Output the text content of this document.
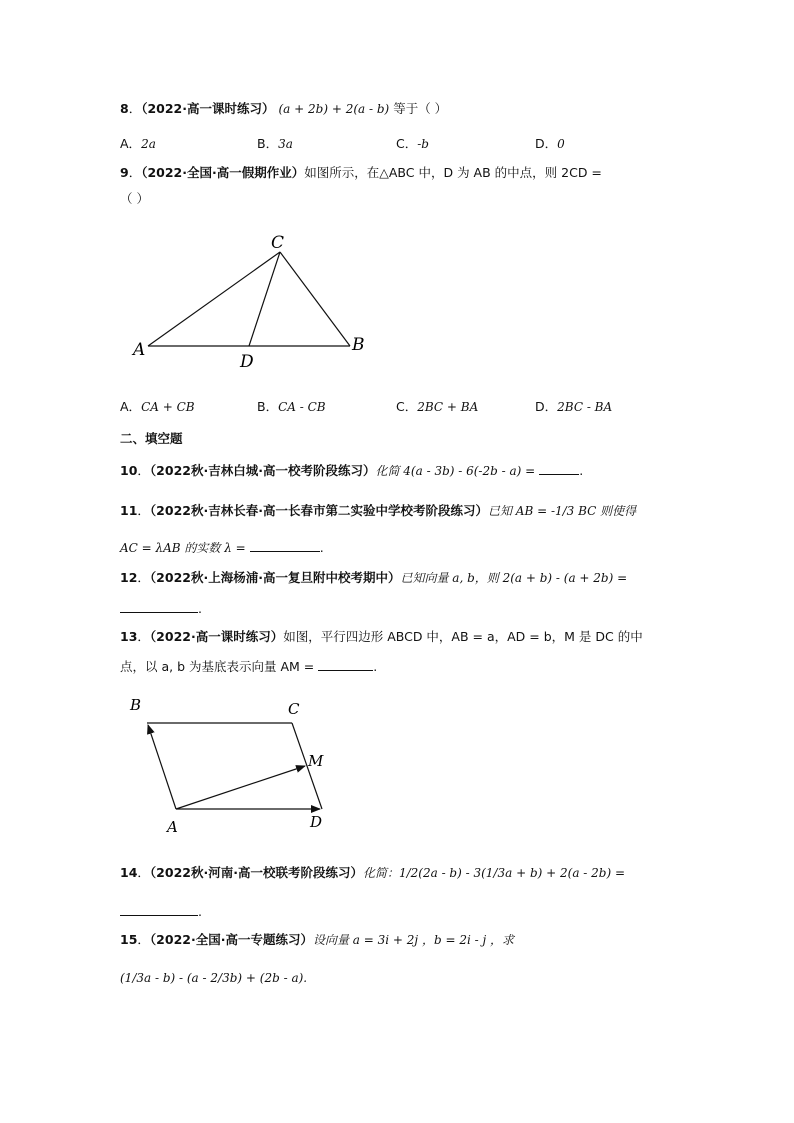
8．（2022·高一课时练习） (a + 2b) + 2(a - b) 等于（ ）
A．2a	B．3a	C．-b	D．0
9．（2022·全国·高一假期作业）如图所示，在△ABC 中，D 为 AB 的中点，则 2CD =
（ ）
C
A
D
B
A．CA + CB	B．CA - CB	C．2BC + BA	D．2BC - BA
二、填空题
10．（2022秋·吉林白城·高一校考阶段练习）化简 4(a - 3b) - 6(-2b - a) =	.
11．（2022秋·吉林长春·高一长春市第二实验中学校考阶段练习）已知 AB = -1/3 BC 则使得
AC = λAB 的实数 λ =	.
12．（2022秋·上海杨浦·高一复旦附中校考期中）已知向量 a, b，则 2(a + b) - (a + 2b) =
.
13．（2022·高一课时练习）如图，平行四边形 ABCD 中，AB = a，AD = b，M 是 DC 的中
点，以 a, b 为基底表示向量 AM =	.
B	C
M
A	D
14．（2022秋·河南·高一校联考阶段练习）化简：1/2(2a - b) - 3(1/3a + b) + 2(a - 2b) =
.
15．（2022·全国·高一专题练习）设向量 a = 3i + 2j ，b = 2i - j ，求
(1/3a - b) - (a - 2/3b) + (2b - a).
